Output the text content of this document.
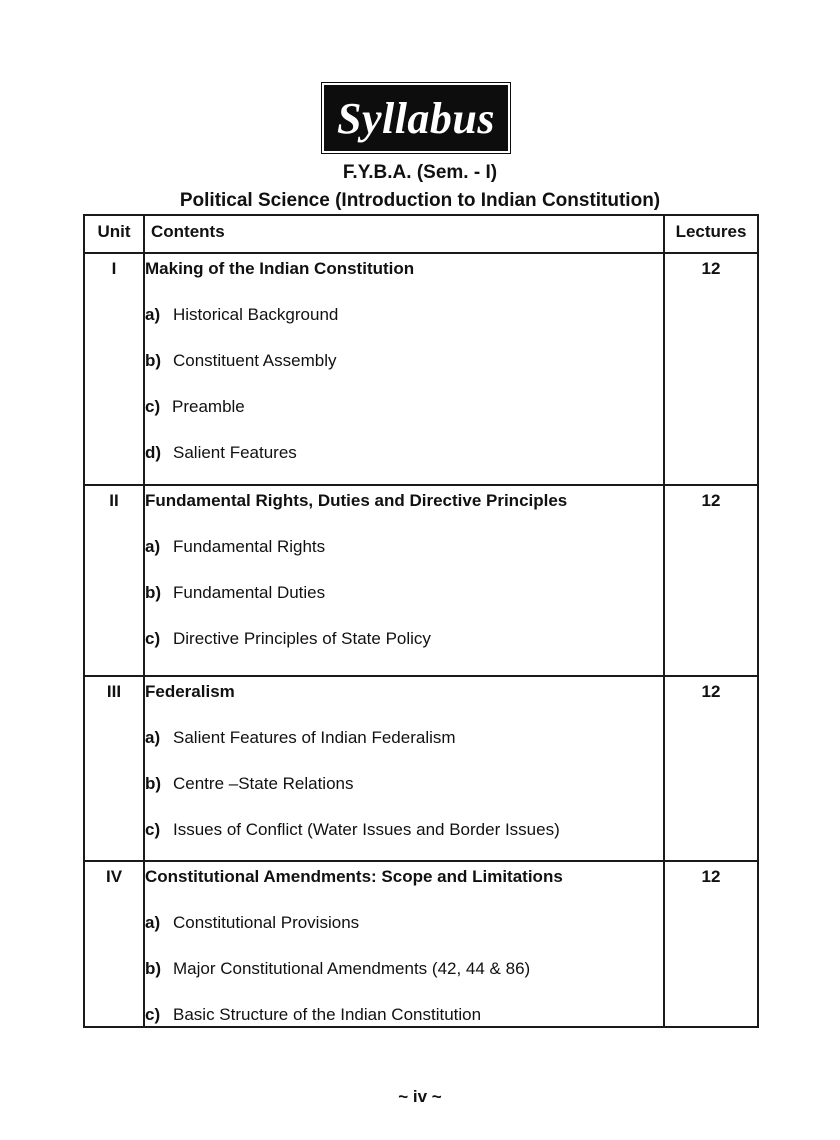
Syllabus
F.Y.B.A. (Sem. - I)
Political Science (Introduction to Indian Constitution)
Unit	Contents	Lectures

I	Making of the Indian Constitution
a) Historical Background
b) Constituent Assembly
c) Preamble
d) Salient Features	12

II	Fundamental Rights, Duties and Directive Principles
a) Fundamental Rights
b) Fundamental Duties
c) Directive Principles of State Policy	12

III	Federalism
a) Salient Features of Indian Federalism
b) Centre –State Relations
c) Issues of Conflict (Water Issues and Border Issues)	12

IV	Constitutional Amendments: Scope and Limitations
a) Constitutional Provisions
b) Major Constitutional Amendments (42, 44 & 86)
c) Basic Structure of the Indian Constitution	12
~ iv ~
